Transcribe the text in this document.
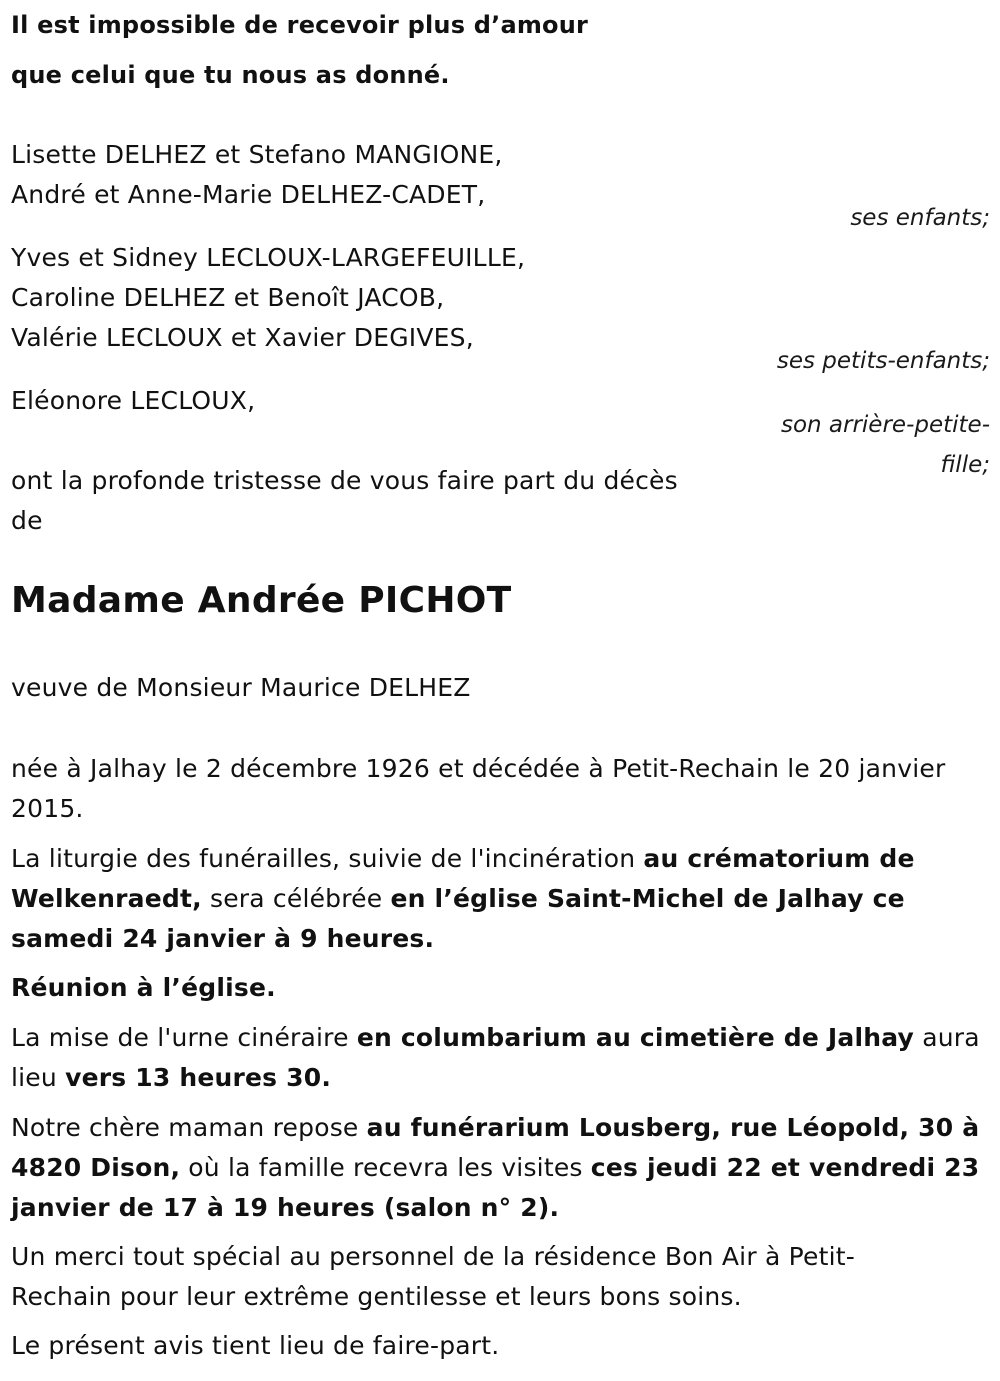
Il est impossible de recevoir plus d’amour

que celui que tu nous as donné.

Lisette DELHEZ et Stefano MANGIONE,

André et Anne-Marie DELHEZ-CADET,

ses enfants;

Yves et Sidney LECLOUX-LARGEFEUILLE,

Caroline DELHEZ et Benoît JACOB,

Valérie LECLOUX et Xavier DEGIVES,

ses petits-enfants;

Eléonore LECLOUX,

son arrière-petite-

fille;

ont la profonde tristesse de vous faire part du décès

de

Madame Andrée PICHOT

veuve de Monsieur Maurice DELHEZ

née à Jalhay le 2 décembre 1926 et décédée à Petit-Rechain le 20 janvier

2015.

La liturgie des funérailles, suivie de l'incinération au crématorium de Welkenraedt, sera célébrée en l’église Saint-Michel de Jalhay ce samedi 24 janvier à 9 heures.

Réunion à l’église.

La mise de l'urne cinéraire en columbarium au cimetière de Jalhay aura lieu vers 13 heures 30.

Notre chère maman repose au funérarium Lousberg, rue Léopold, 30 à 4820 Dison, où la famille recevra les visites ces jeudi 22 et vendredi 23 janvier de 17 à 19 heures (salon n° 2).

Un merci tout spécial au personnel de la résidence Bon Air à Petit-Rechain pour leur extrême gentilesse et leurs bons soins.

Le présent avis tient lieu de faire-part.
